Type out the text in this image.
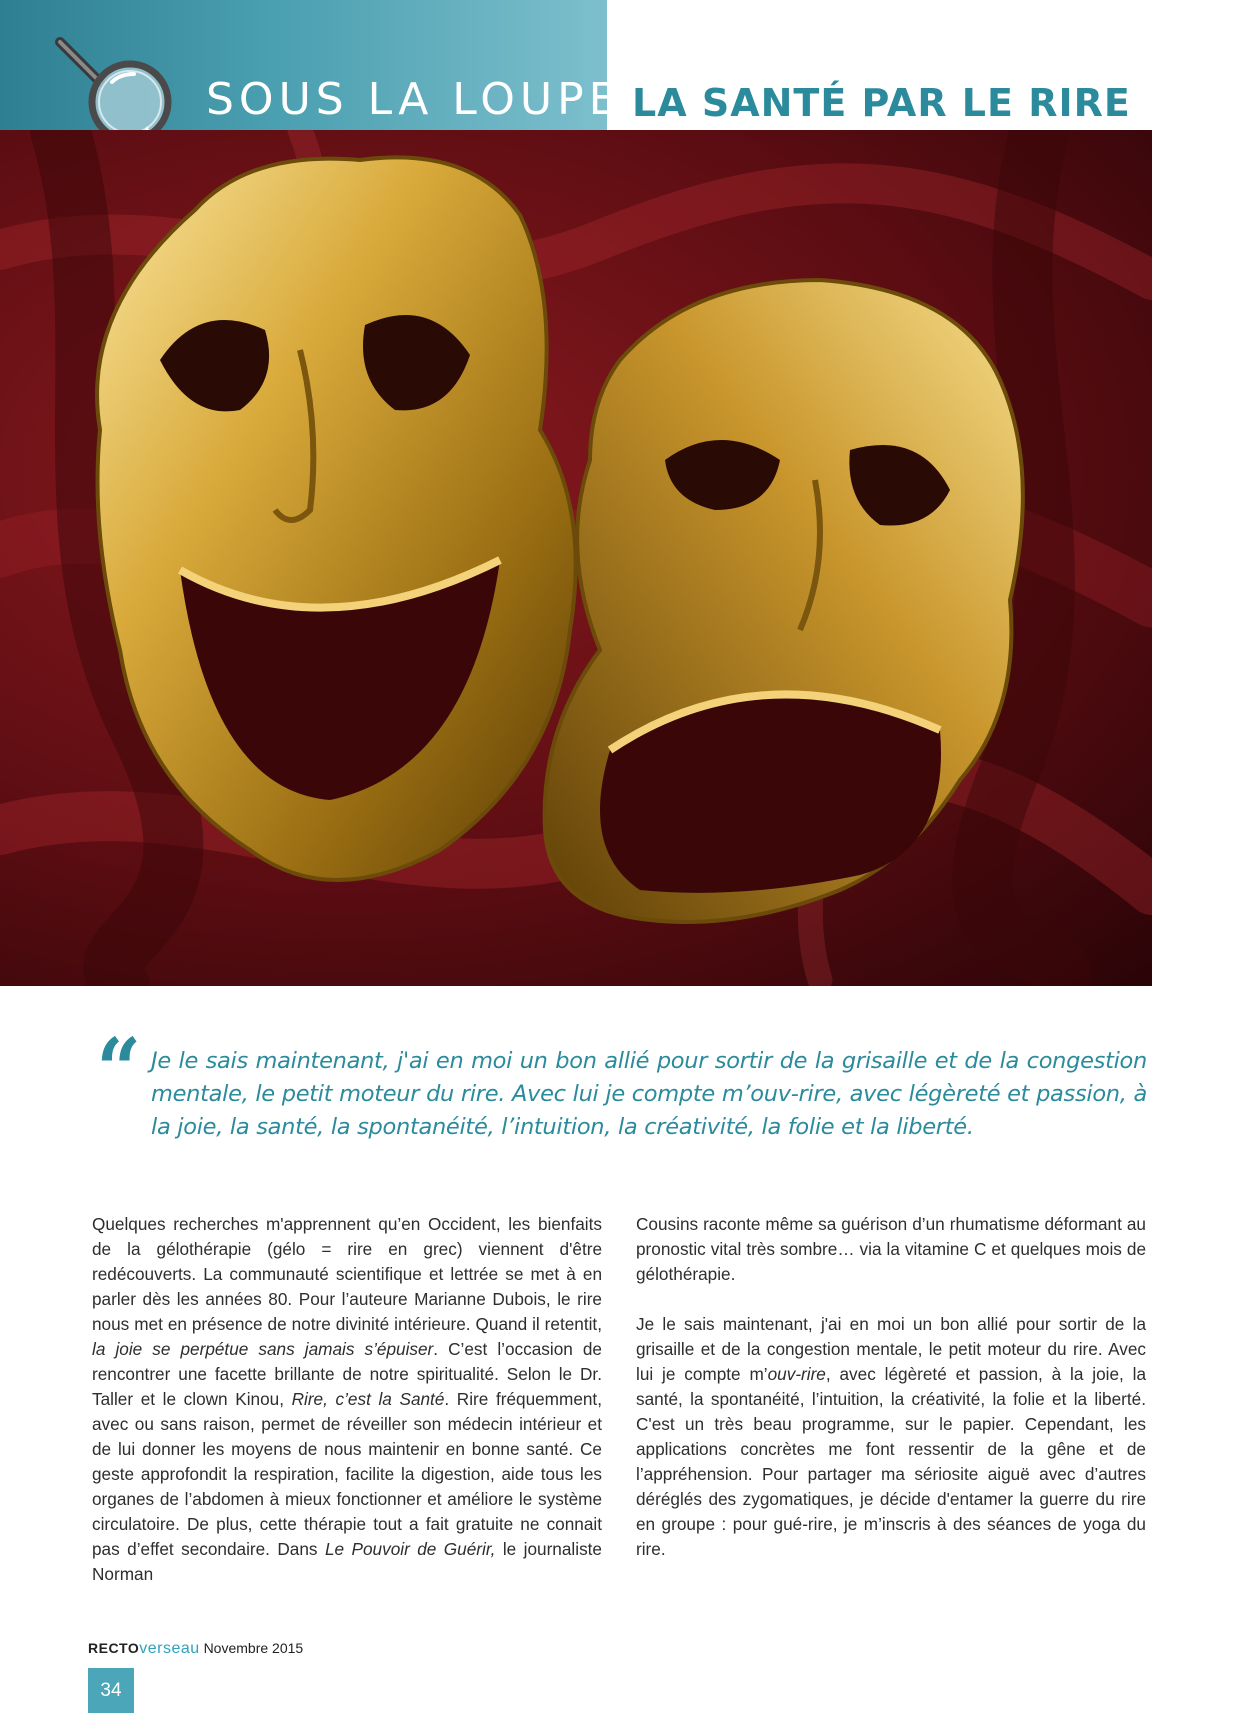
SOUS LA LOUPE LA SANTÉ PAR LE RIRE
“ Je le sais maintenant, j'ai en moi un bon allié pour sortir de la grisaille et de la congestion mentale, le petit moteur du rire. Avec lui je compte m’ouv-rire, avec légèreté et passion, à la joie, la santé, la spontanéité, l’intuition, la créativité, la folie et la liberté.

Quelques recherches m'apprennent qu’en Occident, les bienfaits de la gélothérapie (gélo = rire en grec) viennent d'être redécouverts. La communauté scientifique et lettrée se met à en parler dès les années 80. Pour l’auteure Marianne Dubois, le rire nous met en présence de notre divinité intérieure. Quand il retentit, la joie se perpétue sans jamais s’épuiser. C’est l’occasion de rencontrer une facette brillante de notre spiritualité. Selon le Dr. Taller et le clown Kinou, Rire, c’est la Santé. Rire fréquemment, avec ou sans raison, permet de réveiller son médecin intérieur et de lui donner les moyens de nous maintenir en bonne santé. Ce geste approfondit la respiration, facilite la digestion, aide tous les organes de l’abdomen à mieux fonctionner et améliore le système circulatoire. De plus, cette thérapie tout a fait gratuite ne connait pas d’effet secondaire. Dans Le Pouvoir de Guérir, le journaliste Norman

Cousins raconte même sa guérison d’un rhumatisme déformant au pronostic vital très sombre… via la vitamine C et quelques mois de gélothérapie.

Je le sais maintenant, j'ai en moi un bon allié pour sortir de la grisaille et de la congestion mentale, le petit moteur du rire. Avec lui je compte m’ouv-rire, avec légèreté et passion, à la joie, la santé, la spontanéité, l’intuition, la créativité, la folie et la liberté. C'est un très beau programme, sur le papier. Cependant, les applications concrètes me font ressentir de la gêne et de l’appréhension. Pour partager ma sériosite aiguë avec d’autres déréglés des zygomatiques, je décide d'entamer la guerre du rire en groupe : pour gué-rire, je m’inscris à des séances de yoga du rire.

RECTOverseau Novembre 2015
34
